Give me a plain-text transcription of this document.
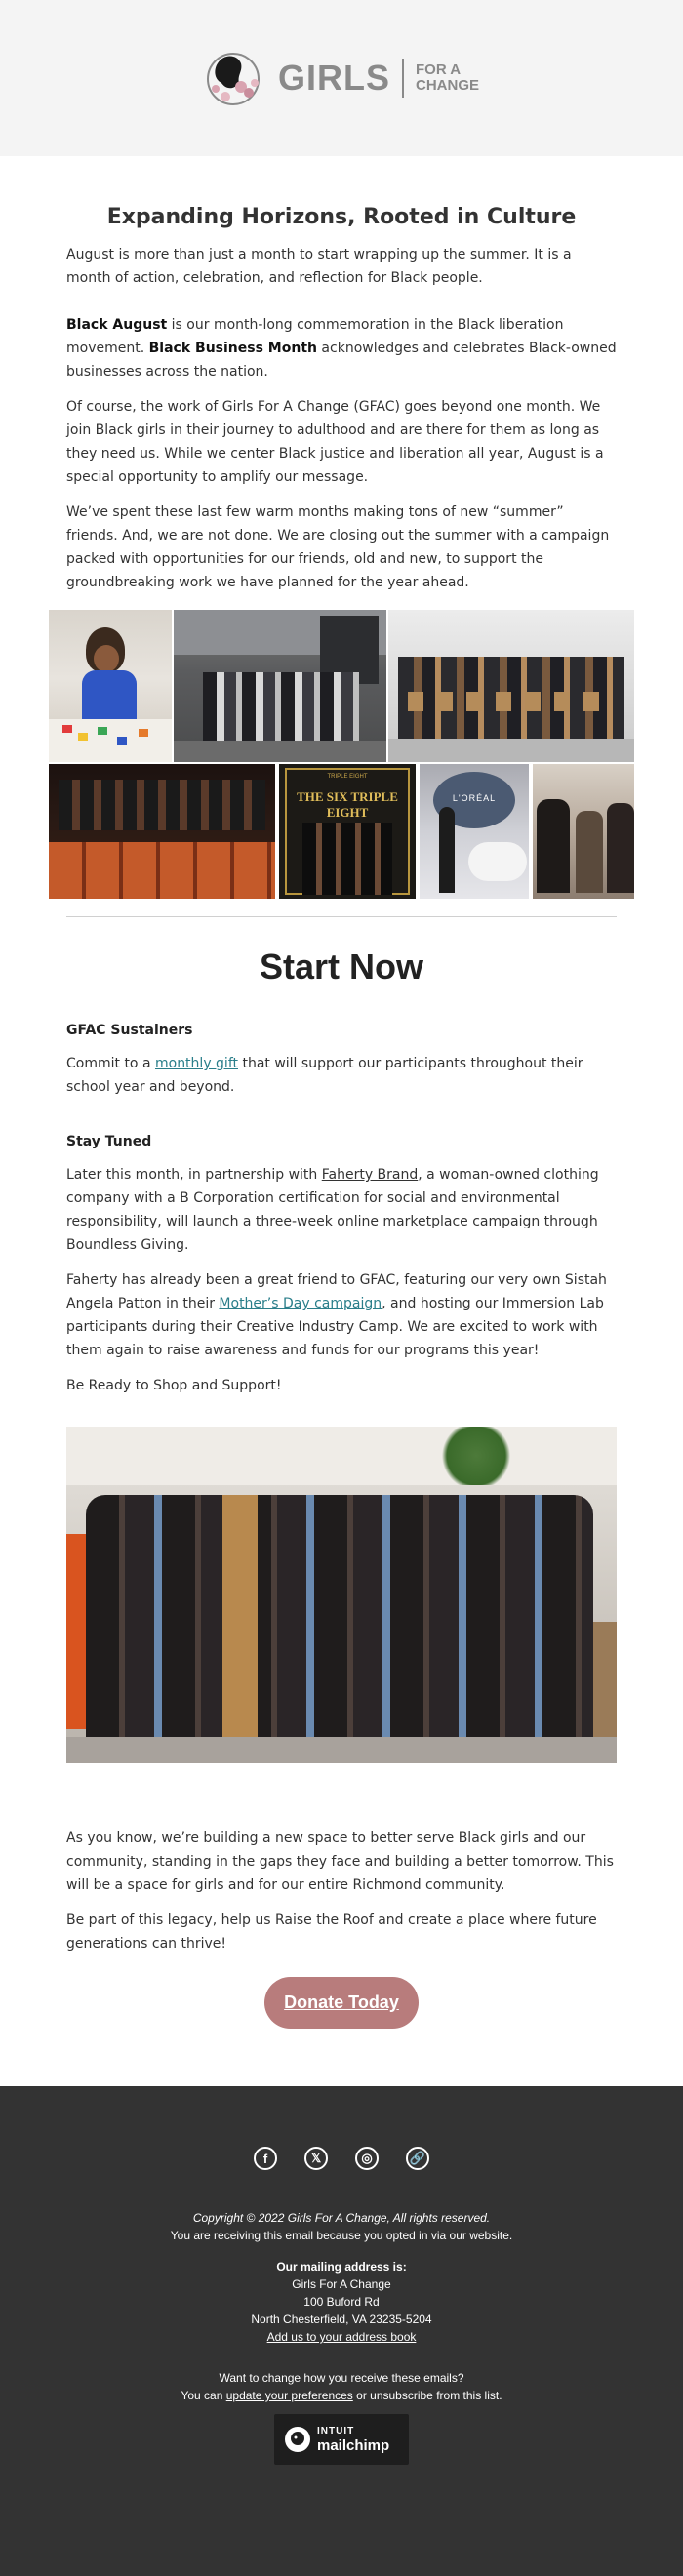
GIRLS FOR A
CHANGE
Expanding Horizons, Rooted in Culture

August is more than just a month to start wrapping up the summer. It is a month of action, celebration, and reflection for Black people.

Black August is our month-long commemoration in the Black liberation movement. Black Business Month acknowledges and celebrates Black-owned businesses across the nation.

Of course, the work of Girls For A Change (GFAC) goes beyond one month. We join Black girls in their journey to adulthood and are there for them as long as they need us. While we center Black justice and liberation all year, August is a special opportunity to amplify our message.

We’ve spent these last few warm months making tons of new “summer” friends. And, we are not done. We are closing out the summer with a campaign packed with opportunities for our friends, old and new, to support the groundbreaking work we have planned for the year ahead.

TRIPLE EIGHT
THE SIX TRIPLE EIGHT
L'ORÉAL
Start Now
GFAC Sustainers

Commit to a monthly gift that will support our participants throughout their school year and beyond.

Stay Tuned

Later this month, in partnership with Faherty Brand, a woman-owned clothing company with a B Corporation certification for social and environmental responsibility, will launch a three-week online marketplace campaign through Boundless Giving.

Faherty has already been a great friend to GFAC, featuring our very own Sistah Angela Patton in their Mother’s Day campaign, and hosting our Immersion Lab participants during their Creative Industry Camp. We are excited to work with them again to raise awareness and funds for our programs this year!

Be Ready to Shop and Support!

As you know, we’re building a new space to better serve Black girls and our community, standing in the gaps they face and building a better tomorrow. This will be a space for girls and for our entire Richmond community.

Be part of this legacy, help us Raise the Roof and create a place where future generations can thrive!

Donate Today
f	𝕏	◎	🔗

Copyright © 2022 Girls For A Change, All rights reserved.

You are receiving this email because you opted in via our website.

Our mailing address is:

Girls For A Change

100 Buford Rd

North Chesterfield, VA 23235-5204

Add us to your address book

Want to change how you receive these emails?

You can update your preferences or unsubscribe from this list.

INTUIT
mailchimp
